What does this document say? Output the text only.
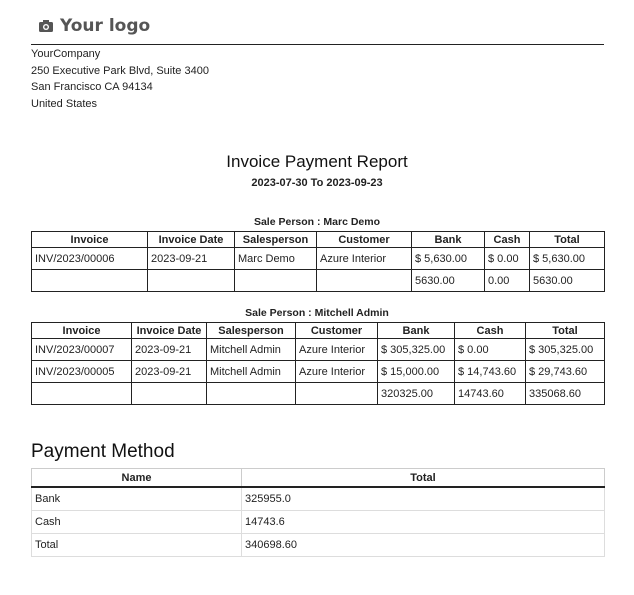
Your logo
YourCompany
250 Executive Park Blvd, Suite 3400
San Francisco CA 94134
United States
Invoice Payment Report
2023-07-30 To 2023-09-23
Sale Person : Marc Demo
Invoice	Invoice Date	Salesperson	Customer	Bank	Cash	Total
INV/2023/00006	2023-09-21	Marc Demo	Azure Interior	$ 5,630.00	$ 0.00	$ 5,630.00
				5630.00	0.00	5630.00
Sale Person : Mitchell Admin
Invoice	Invoice Date	Salesperson	Customer	Bank	Cash	Total
INV/2023/00007	2023-09-21	Mitchell Admin	Azure Interior	$ 305,325.00	$ 0.00	$ 305,325.00
INV/2023/00005	2023-09-21	Mitchell Admin	Azure Interior	$ 15,000.00	$ 14,743.60	$ 29,743.60
				320325.00	14743.60	335068.60
Payment Method
Name	Total
Bank	325955.0
Cash	14743.6
Total	340698.60
